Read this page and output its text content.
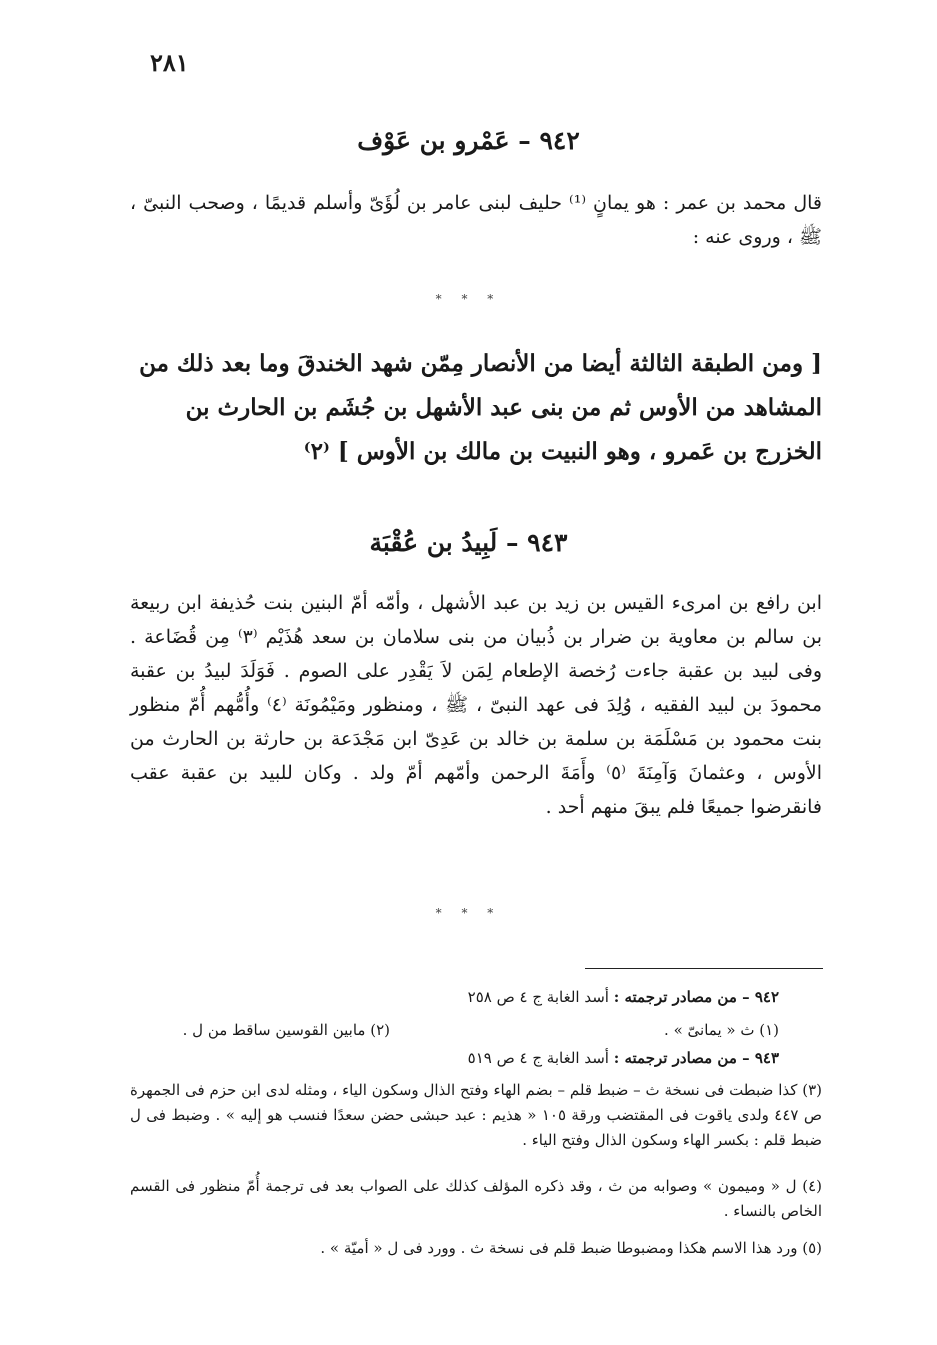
٢٨١
٩٤٢ – عَمْرو بن عَوْف
قال محمد بن عمر : هو يمانٍ ⁽¹⁾ حليف لبنى عامر بن لُؤَىّ وأسلم قديمًا ، وصحب النبىّ ، ﷺ ، وروى عنه :
* * *
[ ومن الطبقة الثالثة أيضا من الأنصار مِمّن شهد الخندقَ وما بعد ذلك من المشاهد من الأوس ثم من بنى عبد الأشهل بن جُشَم بن الحارث بن الخزرج بن عَمرو ، وهو النبيت بن مالك بن الأوس ] ⁽٢⁾
٩٤٣ – لَبِيدُ بن عُقْبَة
ابن رافع بن امرىء القيس بن زيد بن عبد الأشهل ، وأمّه أمّ البنين بنت حُذيفة ابن ربيعة بن سالم بن معاوية بن ضرار بن ذُبيان من بنى سلامان بن سعد هُذَيْم ⁽٣⁾ مِن قُضَاعة . وفى لبيد بن عقبة جاءت رُخصة الإطعام لِمَن لاَ يَقْدِر على الصوم . فَوَلَدَ لبيدُ بن عقبة محمودَ بن لبيد الفقيه ، وُلِدَ فى عهد النبىّ ، ﷺ ، ومنظور ومَيْمُونَة ⁽٤⁾ وأُمُّهم أُمّ منظور بنت محمود بن مَسْلَمَة بن سلمة بن خالد بن عَدِىّ ابن مَجْدَعة بن حارثة بن الحارث من الأوس ، وعثمانَ وَآمِنَةَ ⁽٥⁾ وأَمَةَ الرحمن وأمّهم أمّ ولد . وكان للبيد بن عقبة عقب فانقرضوا جميعًا فلم يبقَ منهم أحد .
* * *
٩٤٢ – من مصادر ترجمته : أسد الغابة ج ٤ ص ٢٥٨
(١) ث « يمانىّ » .
(٢) مابين القوسين ساقط من ل .
٩٤٣ – من مصادر ترجمته : أسد الغابة ج ٤ ص ٥١٩
(٣) كذا ضبطت فى نسخة ث – ضبط قلم – بضم الهاء وفتح الذال وسكون الياء ، ومثله لدى ابن حزم فى الجمهرة ص ٤٤٧ ولدى ياقوت فى المقتضب ورقة ١٠٥ « هذيم : عبد حبشى حضن سعدًا فنسب هو إليه » . وضبط فى ل ضبط قلم : بكسر الهاء وسكون الذال وفتح الياء .
(٤) ل « وميمون » وصوابه من ث ، وقد ذكره المؤلف كذلك على الصواب بعد فى ترجمة أُمّ منظور فى القسم الخاص بالنساء .
(٥) ورد هذا الاسم هكذا ومضبوطا ضبط قلم فى نسخة ث . وورد فى ل « أميّة » .
